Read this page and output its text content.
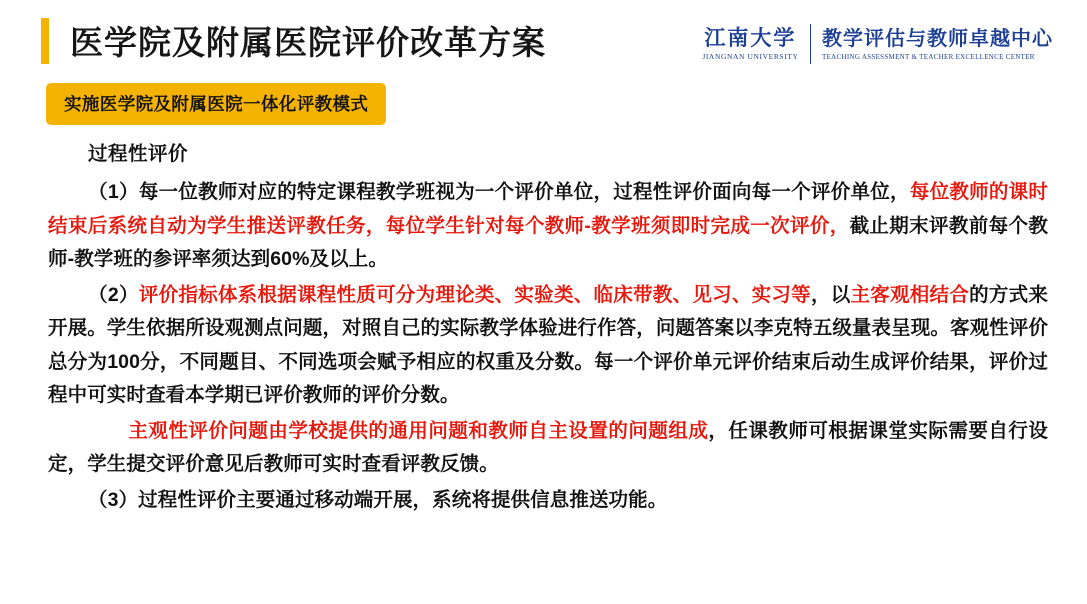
医学院及附属医院评价改革方案	江南大学
JIANGNAN UNIVERSITY
教学评估与教师卓越中心
TEACHING ASSESSMENT & TEACHER EXCELLENCE CENTER
实施医学院及附属医院一体化评教模式
过程性评价
（1）每一位教师对应的特定课程教学班视为一个评价单位，过程性评价面向每一个评价单位，每位教师的课时结束后系统自动为学生推送评教任务，每位学生针对每个教师-教学班须即时完成一次评价，截止期末评教前每个教师-教学班的参评率须达到60%及以上。
（2）评价指标体系根据课程性质可分为理论类、实验类、临床带教、见习、实习等，以主客观相结合的方式来开展。学生依据所设观测点问题，对照自己的实际教学体验进行作答，问题答案以李克特五级量表呈现。客观性评价总分为100分，不同题目、不同选项会赋予相应的权重及分数。每一个评价单元评价结束后动生成评价结果，评价过程中可实时查看本学期已评价教师的评价分数。
　　主观性评价问题由学校提供的通用问题和教师自主设置的问题组成，任课教师可根据课堂实际需要自行设定，学生提交评价意见后教师可实时查看评教反馈。
（3）过程性评价主要通过移动端开展，系统将提供信息推送功能。
